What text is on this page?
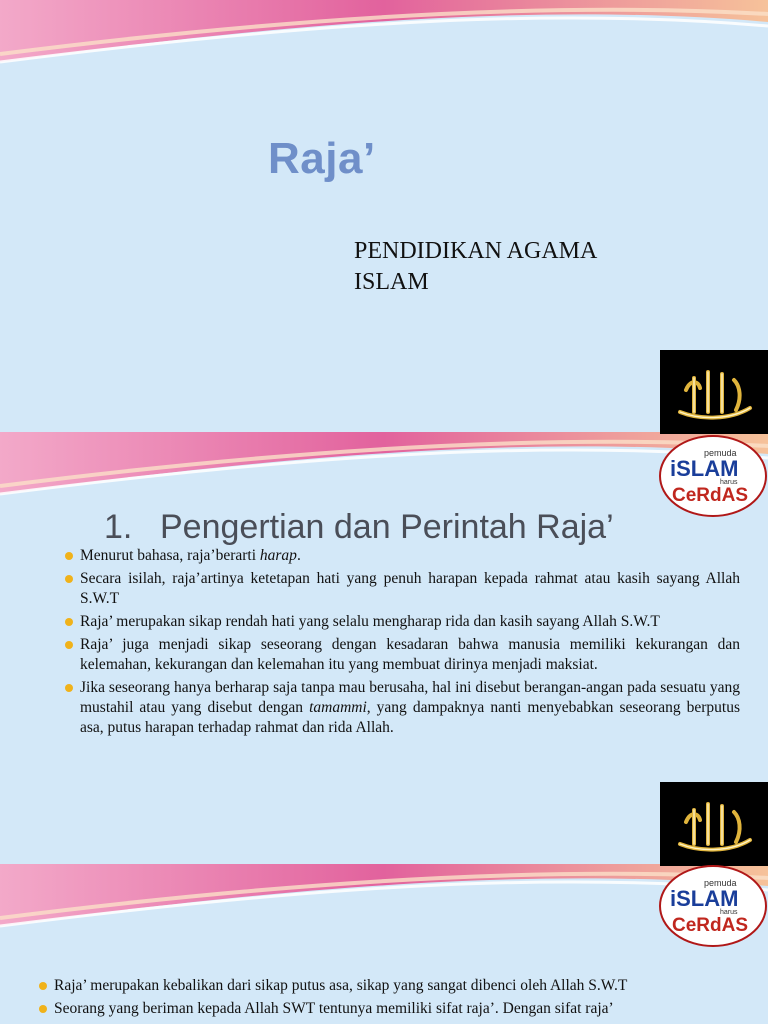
Raja’
PENDIDIKAN AGAMA ISLAM
1. Pengertian dan Perintah Raja’
Menurut bahasa, raja’berarti harap.
Secara isilah, raja’artinya ketetapan hati yang penuh harapan kepada rahmat atau kasih sayang Allah S.W.T
Raja’ merupakan sikap rendah hati yang selalu mengharap rida dan kasih sayang Allah S.W.T
Raja’ juga menjadi sikap seseorang dengan kesadaran bahwa manusia memiliki kekurangan dan kelemahan, kekurangan dan kelemahan itu yang membuat dirinya menjadi maksiat.
Jika seseorang hanya berharap saja tanpa mau berusaha, hal ini disebut berangan-angan pada sesuatu yang mustahil atau yang disebut dengan tamammi, yang dampaknya nanti menyebabkan seseorang berputus asa, putus harapan terhadap rahmat dan rida Allah.
Raja’ merupakan kebalikan dari sikap putus asa, sikap yang sangat dibenci oleh Allah S.W.T
Seorang yang beriman kepada Allah SWT tentunya memiliki sifat raja’. Dengan sifat raja’
pemuda
iSLAM
harus
CeRdAS
pemuda
iSLAM
harus
CeRdAS
